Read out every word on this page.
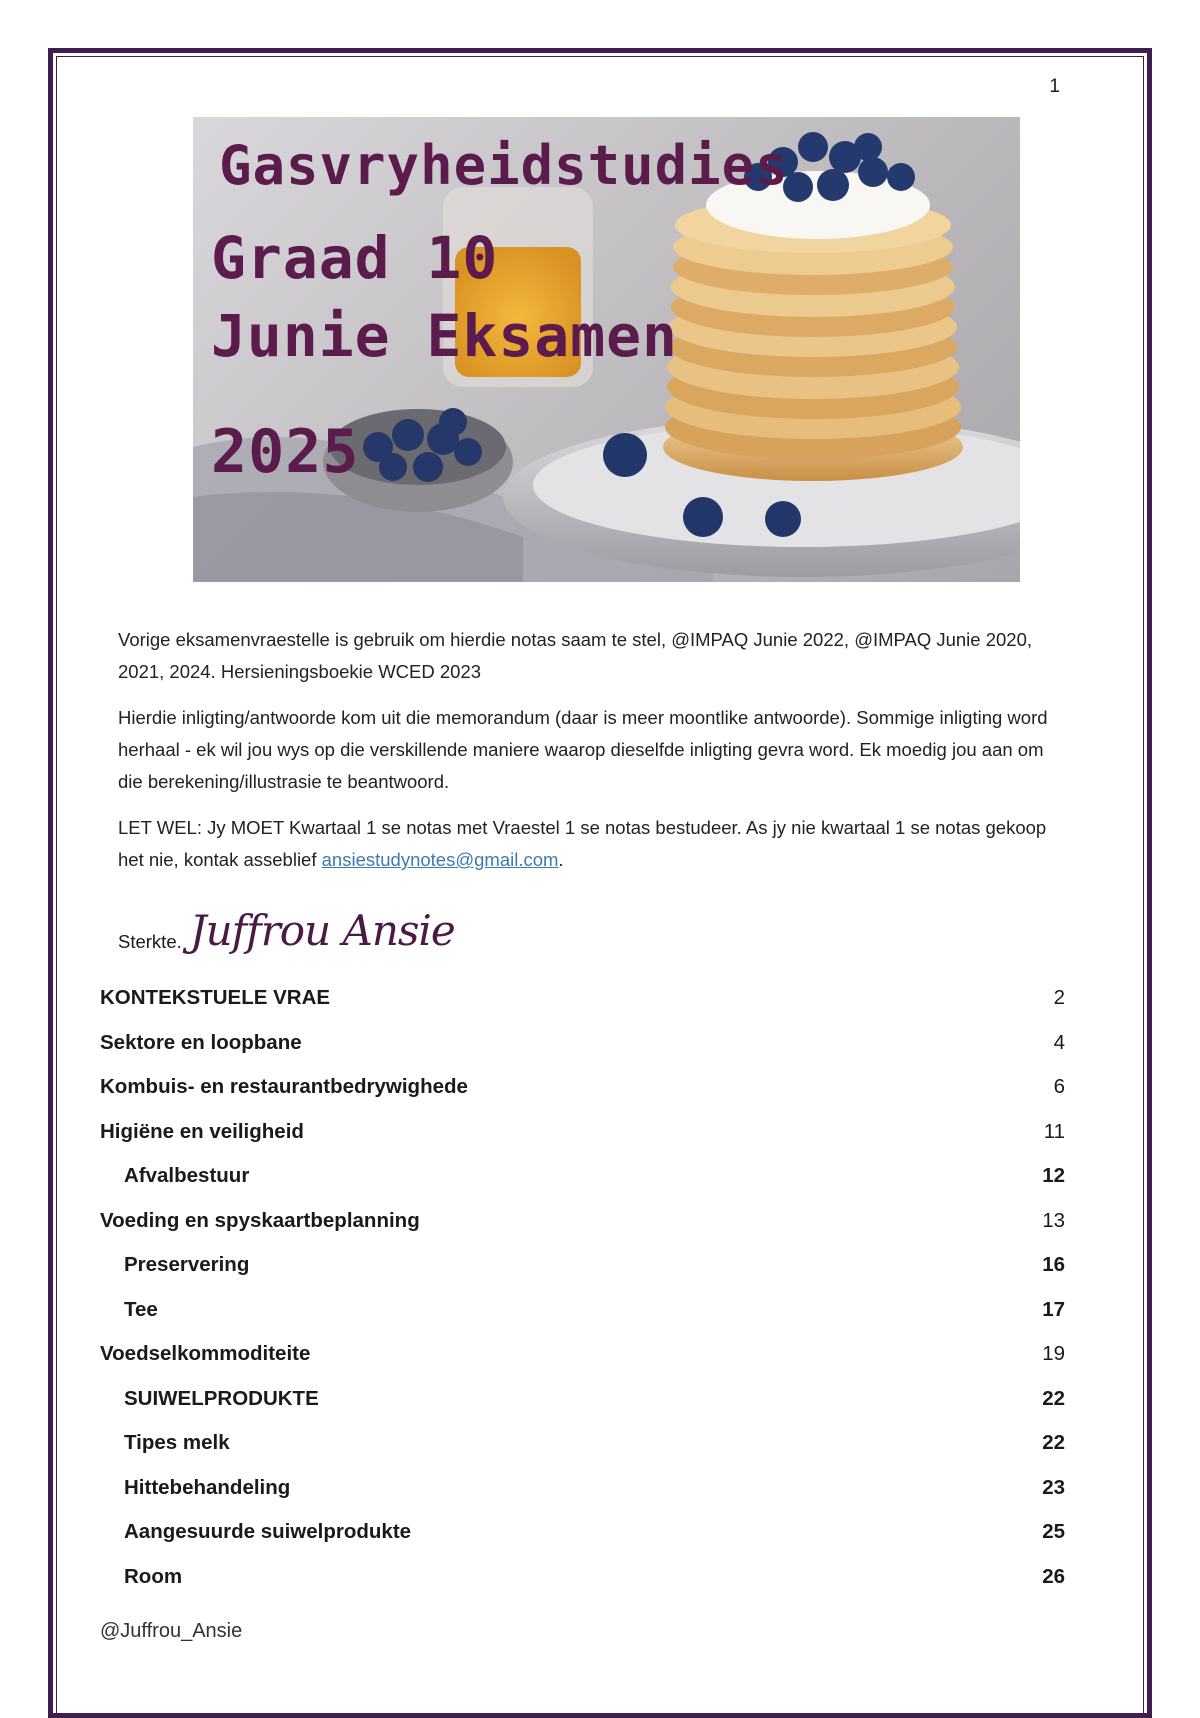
1
Gasvryheidstudies
Graad 10
Junie Eksamen
2025
Vorige eksamenvraestelle is gebruik om hierdie notas saam te stel, @IMPAQ Junie 2022, @IMPAQ Junie 2020, 2021, 2024. Hersieningsboekie WCED 2023
Hierdie inligting/antwoorde kom uit die memorandum (daar is meer moontlike antwoorde). Sommige inligting word herhaal - ek wil jou wys op die verskillende maniere waarop dieselfde inligting gevra word. Ek moedig jou aan om die berekening/illustrasie te beantwoord.
LET WEL: Jy MOET Kwartaal 1 se notas met Vraestel 1 se notas bestudeer. As jy nie kwartaal 1 se notas gekoop het nie, kontak asseblief ansiestudynotes@gmail.com.
Sterkte. Juffrou Ansie
KONTEKSTUELE VRAE	2
Sektore en loopbane	4
Kombuis- en restaurantbedrywighede	6
Higiëne en veiligheid	11
Afvalbestuur	12
Voeding en spyskaartbeplanning	13
Preservering	16
Tee	17
Voedselkommoditeite	19
SUIWELPRODUKTE	22
Tipes melk	22
Hittebehandeling	23
Aangesuurde suiwelprodukte	25
Room	26
@Juffrou_Ansie
